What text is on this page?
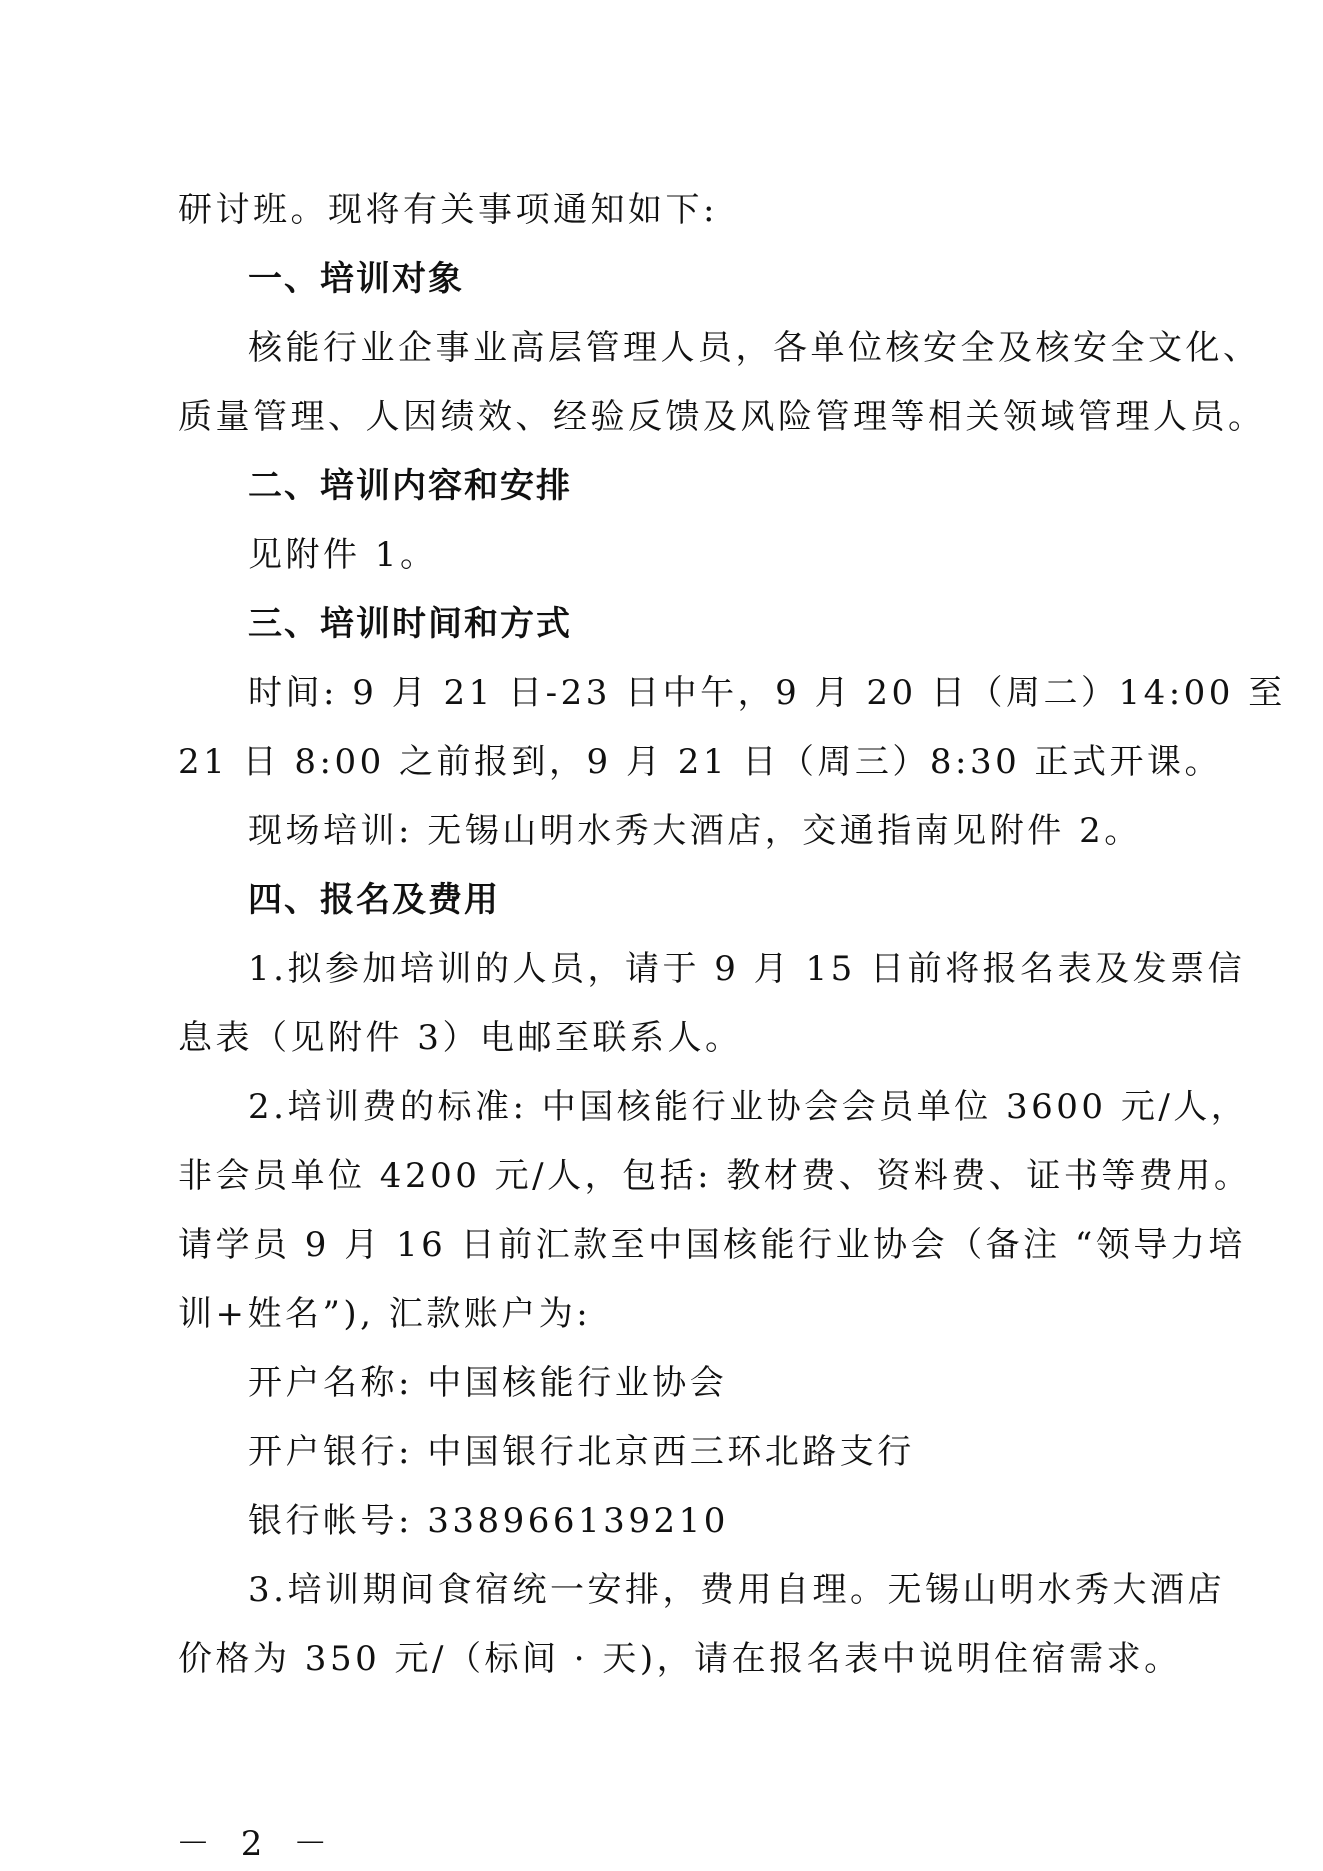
研讨班。现将有关事项通知如下:
一、培训对象
核能行业企事业高层管理人员，各单位核安全及核安全文化、
质量管理、人因绩效、经验反馈及风险管理等相关领域管理人员。
二、培训内容和安排
见附件 1。
三、培训时间和方式
时间: 9 月 21 日-23 日中午，9 月 20 日（周二）14:00 至
21 日 8:00 之前报到，9 月 21 日（周三）8:30 正式开课。
现场培训: 无锡山明水秀大酒店，交通指南见附件 2。
四、报名及费用
1.拟参加培训的人员，请于 9 月 15 日前将报名表及发票信
息表（见附件 3）电邮至联系人。
2.培训费的标准: 中国核能行业协会会员单位 3600 元/人，
非会员单位 4200 元/人，包括: 教材费、资料费、证书等费用。
请学员 9 月 16 日前汇款至中国核能行业协会（备注 “领导力培
训+姓名”), 汇款账户为:
开户名称: 中国核能行业协会
开户银行: 中国银行北京西三环北路支行
银行帐号: 338966139210
3.培训期间食宿统一安排，费用自理。无锡山明水秀大酒店
价格为 350 元/（标间 · 天)，请在报名表中说明住宿需求。
－ 2 －
